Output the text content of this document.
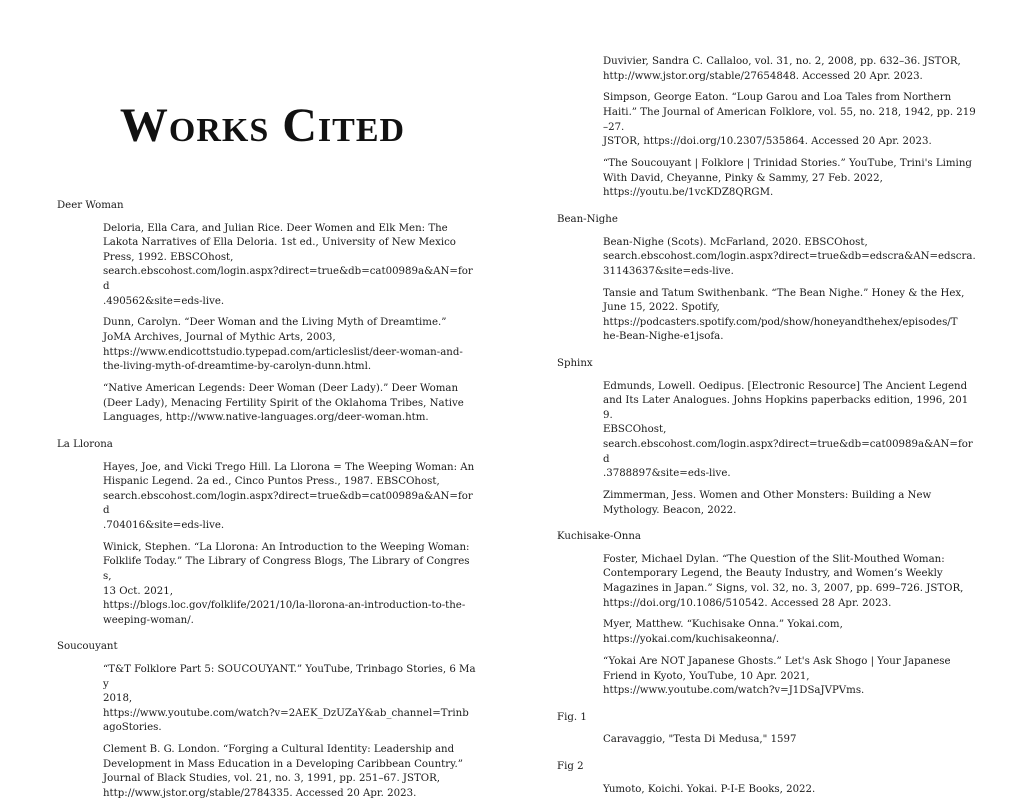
Works Cited
Deer Woman
Deloria, Ella Cara, and Julian Rice. Deer Women and Elk Men: The
Lakota Narratives of Ella Deloria. 1st ed., University of New Mexico
Press, 1992. EBSCOhost,
search.ebscohost.com/login.aspx?direct=true&db=cat00989a&AN=ford
.490562&site=eds-live.
Dunn, Carolyn. “Deer Woman and the Living Myth of Dreamtime.”
JoMA Archives, Journal of Mythic Arts, 2003,
https://www.endicottstudio.typepad.com/articleslist/deer-woman-and-
the-living-myth-of-dreamtime-by-carolyn-dunn.html.
“Native American Legends: Deer Woman (Deer Lady).” Deer Woman
(Deer Lady), Menacing Fertility Spirit of the Oklahoma Tribes, Native
Languages, http://www.native-languages.org/deer-woman.htm.
La Llorona
Hayes, Joe, and Vicki Trego Hill. La Llorona = The Weeping Woman: An
Hispanic Legend. 2a ed., Cinco Puntos Press., 1987. EBSCOhost,
search.ebscohost.com/login.aspx?direct=true&db=cat00989a&AN=ford
.704016&site=eds-live.
Winick, Stephen. “La Llorona: An Introduction to the Weeping Woman:
Folklife Today.” The Library of Congress Blogs, The Library of Congress,
13 Oct. 2021,
https://blogs.loc.gov/folklife/2021/10/la-llorona-an-introduction-to-the-
weeping-woman/.
Soucouyant
“T&T Folklore Part 5: SOUCOUYANT.” YouTube, Trinbago Stories, 6 May
2018,
https://www.youtube.com/watch?v=2AEK_DzUZaY&ab_channel=Trinb
agoStories.
Clement B. G. London. “Forging a Cultural Identity: Leadership and
Development in Mass Education in a Developing Caribbean Country.”
Journal of Black Studies, vol. 21, no. 3, 1991, pp. 251–67. JSTOR,
http://www.jstor.org/stable/2784335. Accessed 20 Apr. 2023.
Duvivier, Sandra C. Callaloo, vol. 31, no. 2, 2008, pp. 632–36. JSTOR,
http://www.jstor.org/stable/27654848. Accessed 20 Apr. 2023.
Simpson, George Eaton. “Loup Garou and Loa Tales from Northern
Haiti.” The Journal of American Folklore, vol. 55, no. 218, 1942, pp. 219–27.
JSTOR, https://doi.org/10.2307/535864. Accessed 20 Apr. 2023.
“The Soucouyant | Folklore | Trinidad Stories.” YouTube, Trini's Liming
With David, Cheyanne, Pinky & Sammy, 27 Feb. 2022,
https://youtu.be/1vcKDZ8QRGM.
Bean-Nighe
Bean-Nighe (Scots). McFarland, 2020. EBSCOhost,
search.ebscohost.com/login.aspx?direct=true&db=edscra&AN=edscra.
31143637&site=eds-live.
Tansie and Tatum Swithenbank. “The Bean Nighe.” Honey & the Hex,
June 15, 2022. Spotify,
https://podcasters.spotify.com/pod/show/honeyandthehex/episodes/T
he-Bean-Nighe-e1jsofa.
Sphinx
Edmunds, Lowell. Oedipus. [Electronic Resource] The Ancient Legend
and Its Later Analogues. Johns Hopkins paperbacks edition, 1996, 2019.
EBSCOhost,
search.ebscohost.com/login.aspx?direct=true&db=cat00989a&AN=ford
.3788897&site=eds-live.
Zimmerman, Jess. Women and Other Monsters: Building a New
Mythology. Beacon, 2022.
Kuchisake-Onna
Foster, Michael Dylan. “The Question of the Slit-Mouthed Woman:
Contemporary Legend, the Beauty Industry, and Women’s Weekly
Magazines in Japan.” Signs, vol. 32, no. 3, 2007, pp. 699–726. JSTOR,
https://doi.org/10.1086/510542. Accessed 28 Apr. 2023.
Myer, Matthew. “Kuchisake Onna.” Yokai.com,
https://yokai.com/kuchisakeonna/.
“Yokai Are NOT Japanese Ghosts.” Let's Ask Shogo | Your Japanese
Friend in Kyoto, YouTube, 10 Apr. 2021,
https://www.youtube.com/watch?v=J1DSaJVPVms.
Fig. 1
Caravaggio, "Testa Di Medusa," 1597
Fig 2
Yumoto, Koichi. Yokai. P-I-E Books, 2022.
